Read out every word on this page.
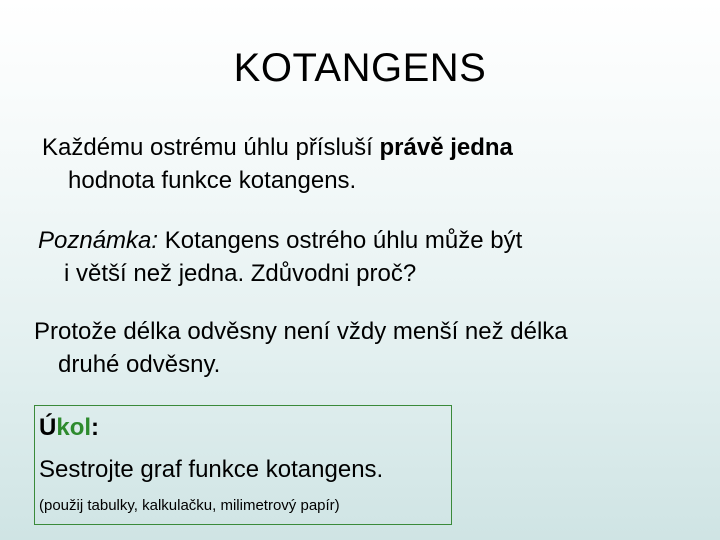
KOTANGENS
Každému ostrému úhlu přísluší právě jedna
hodnota funkce kotangens.
Poznámka: Kotangens ostrého úhlu může být
i větší než jedna. Zdůvodni proč?
Protože délka odvěsny není vždy menší než délka
druhé odvěsny.
Úkol:
Sestrojte graf funkce kotangens.
(použij tabulky, kalkulačku, milimetrový papír)
